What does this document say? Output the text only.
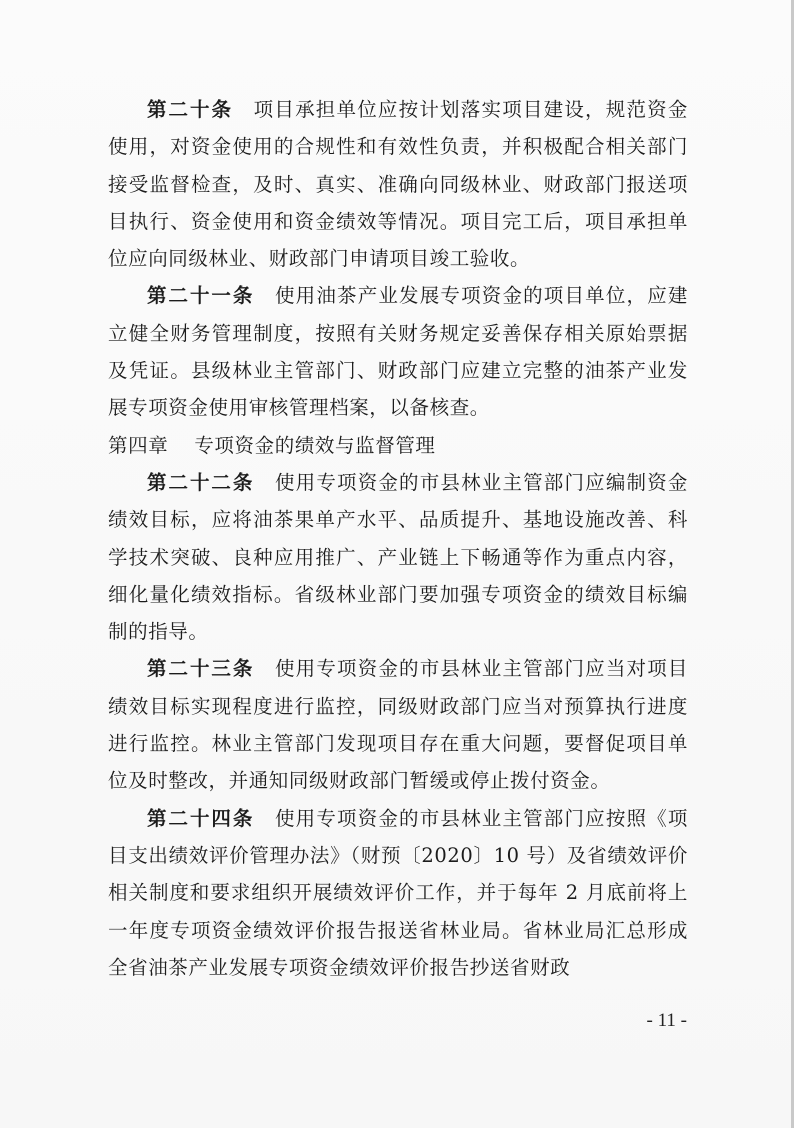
第二十条 项目承担单位应按计划落实项目建设，规范资金使用，对资金使用的合规性和有效性负责，并积极配合相关部门接受监督检查，及时、真实、准确向同级林业、财政部门报送项目执行、资金使用和资金绩效等情况。项目完工后，项目承担单位应向同级林业、财政部门申请项目竣工验收。

第二十一条 使用油茶产业发展专项资金的项目单位，应建立健全财务管理制度，按照有关财务规定妥善保存相关原始票据及凭证。县级林业主管部门、财政部门应建立完整的油茶产业发展专项资金使用审核管理档案，以备核查。

第四章 专项资金的绩效与监督管理

第二十二条 使用专项资金的市县林业主管部门应编制资金绩效目标，应将油茶果单产水平、品质提升、基地设施改善、科学技术突破、良种应用推广、产业链上下畅通等作为重点内容，细化量化绩效指标。省级林业部门要加强专项资金的绩效目标编制的指导。

第二十三条 使用专项资金的市县林业主管部门应当对项目绩效目标实现程度进行监控，同级财政部门应当对预算执行进度进行监控。林业主管部门发现项目存在重大问题，要督促项目单位及时整改，并通知同级财政部门暂缓或停止拨付资金。

第二十四条 使用专项资金的市县林业主管部门应按照《项目支出绩效评价管理办法》（财预〔2020〕10 号）及省绩效评价相关制度和要求组织开展绩效评价工作，并于每年 2 月底前将上一年度专项资金绩效评价报告报送省林业局。省林业局汇总形成全省油茶产业发展专项资金绩效评价报告抄送省财政

- 11 -
